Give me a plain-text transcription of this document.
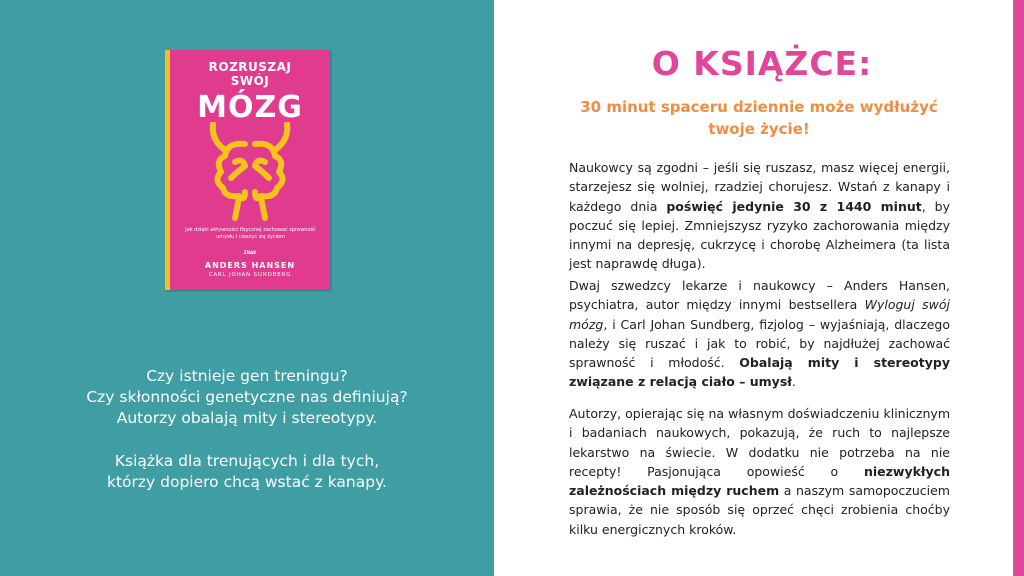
ROZRUSZAJ
SWÓJ
MÓZG
Jak dzięki aktywności fizycznej zachować sprawność umysłu i cieszyć się życiem
ZNAK
ANDERS HANSEN
CARL JOHAN SUNDBERG
Czy istnieje gen treningu?
Czy skłonności genetyczne nas definiują?
Autorzy obalają mity i stereotypy.
Książka dla trenujących i dla tych,
którzy dopiero chcą wstać z kanapy.
O KSIĄŻCE:
30 minut spaceru dziennie może wydłużyć
twoje życie!
Naukowcy są zgodni – jeśli się ruszasz, masz więcej energii, starzejesz się wolniej, rzadziej chorujesz. Wstań z kanapy i każdego dnia poświęć jedynie 30 z 1440 minut, by poczuć się lepiej. Zmniejszysz ryzyko zachorowania między innymi na depresję, cukrzycę i chorobę Alzheimera (ta lista jest naprawdę długa).
Dwaj szwedzcy lekarze i naukowcy – Anders Hansen, psychiatra, autor między innymi bestsellera Wyloguj swój mózg, i Carl Johan Sundberg, fizjolog – wyjaśniają, dlaczego należy się ruszać i jak to robić, by najdłużej zachować sprawność i młodość. Obalają mity i stereotypy związane z relacją ciało – umysł.
Autorzy, opierając się na własnym doświadczeniu klinicznym i badaniach naukowych, pokazują, że ruch to najlepsze lekarstwo na świecie. W dodatku nie potrzeba na nie recepty! Pasjonująca opowieść o niezwykłych zależnościach między ruchem a naszym samopoczuciem sprawia, że nie sposób się oprzeć chęci zrobienia choćby kilku energicznych kroków.
